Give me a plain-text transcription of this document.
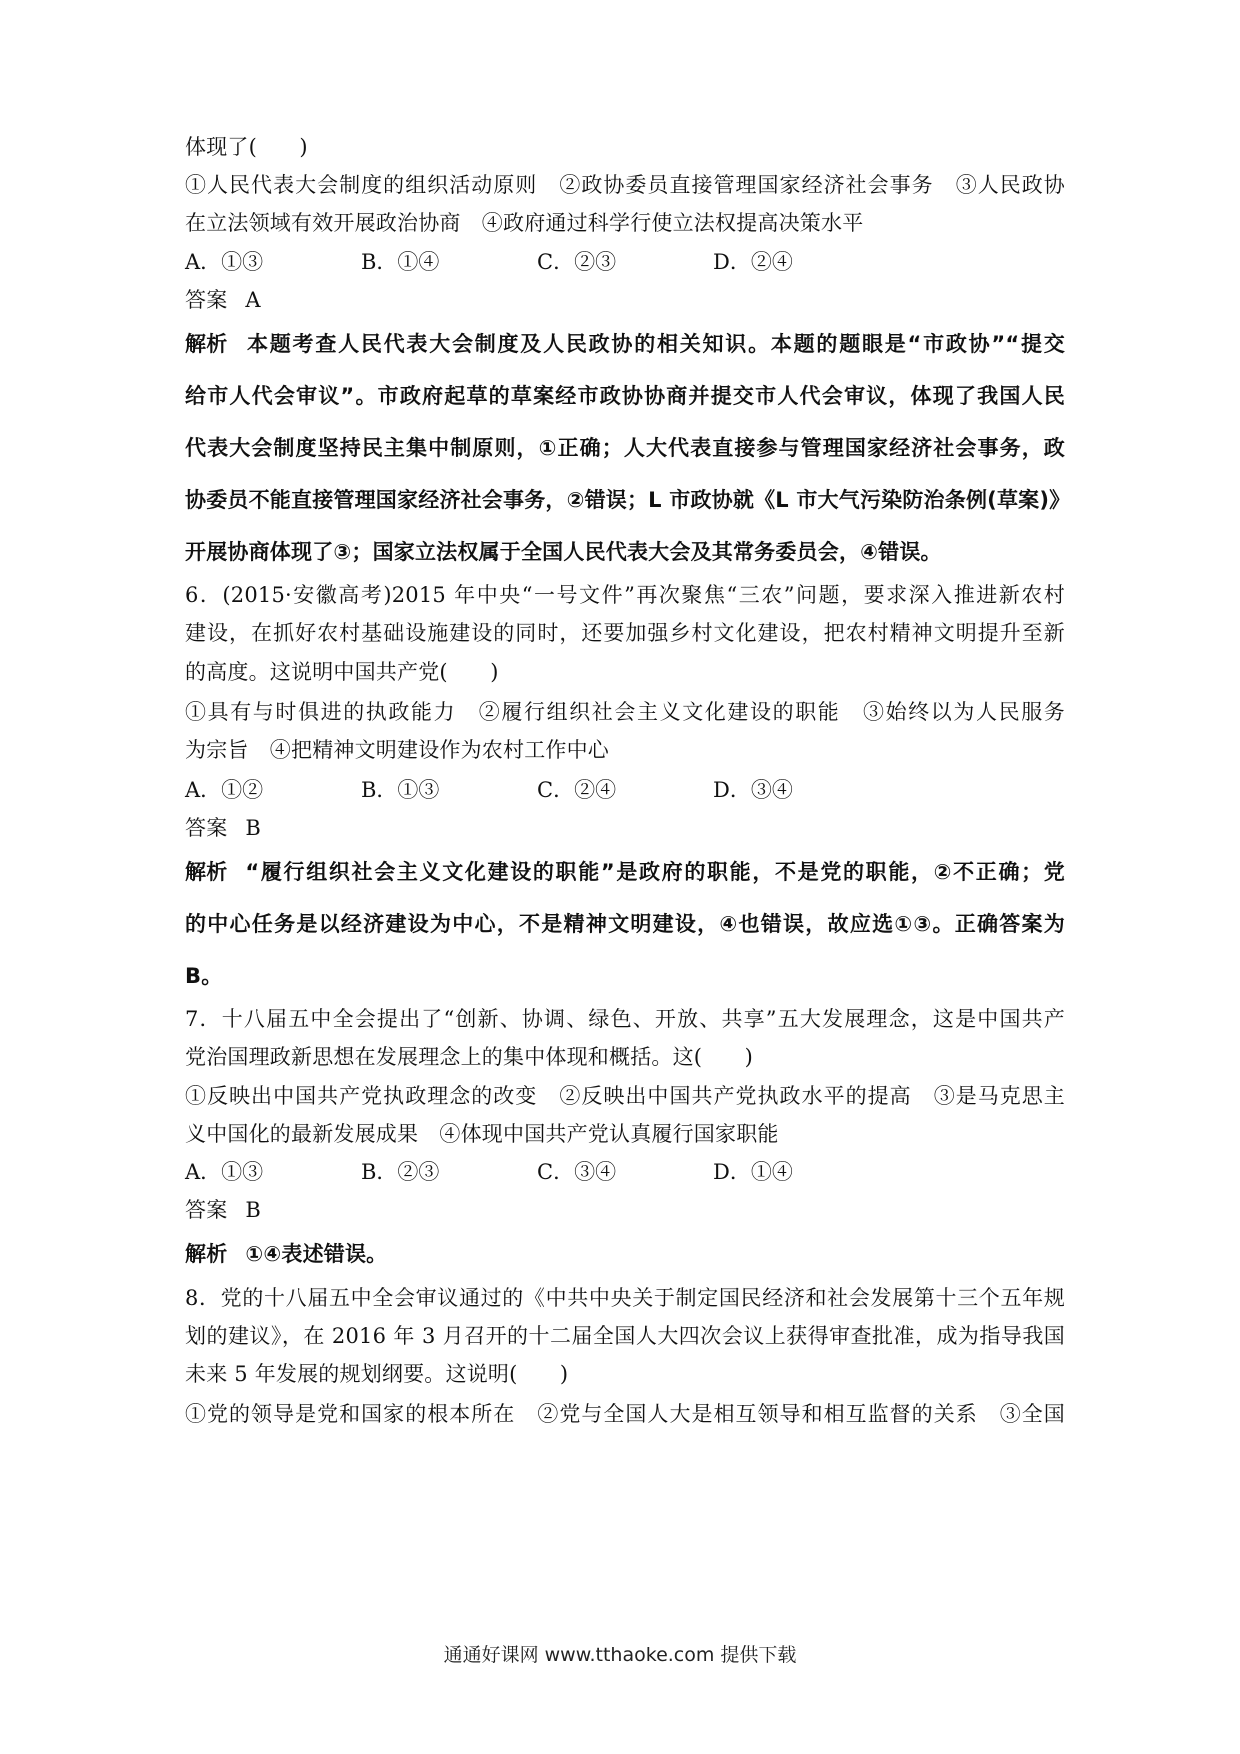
体现了(　　)
①人民代表大会制度的组织活动原则　②政协委员直接管理国家经济社会事务　③人民政协
在立法领域有效开展政治协商　④政府通过科学行使立法权提高决策水平
A．①③	B．①④	C．②③	D．②④
答案 A
解析 本题考查人民代表大会制度及人民政协的相关知识。本题的题眼是“市政协”“提交
给市人代会审议”。市政府起草的草案经市政协协商并提交市人代会审议，体现了我国人民
代表大会制度坚持民主集中制原则，①正确；人大代表直接参与管理国家经济社会事务，政
协委员不能直接管理国家经济社会事务，②错误；L 市政协就《L 市大气污染防治条例(草案)》
开展协商体现了③；国家立法权属于全国人民代表大会及其常务委员会，④错误。
6．(2015·安徽高考)2015 年中央“一号文件”再次聚焦“三农”问题，要求深入推进新农村
建设，在抓好农村基础设施建设的同时，还要加强乡村文化建设，把农村精神文明提升至新
的高度。这说明中国共产党(　　)
①具有与时俱进的执政能力　②履行组织社会主义文化建设的职能　③始终以为人民服务
为宗旨　④把精神文明建设作为农村工作中心
A．①②	B．①③	C．②④	D．③④
答案 B
解析 “履行组织社会主义文化建设的职能”是政府的职能，不是党的职能，②不正确；党
的中心任务是以经济建设为中心，不是精神文明建设，④也错误，故应选①③。正确答案为
B。
7．十八届五中全会提出了“创新、协调、绿色、开放、共享”五大发展理念，这是中国共产
党治国理政新思想在发展理念上的集中体现和概括。这(　　)
①反映出中国共产党执政理念的改变　②反映出中国共产党执政水平的提高　③是马克思主
义中国化的最新发展成果　④体现中国共产党认真履行国家职能
A．①③	B．②③	C．③④	D．①④
答案 B
解析 ①④表述错误。
8．党的十八届五中全会审议通过的《中共中央关于制定国民经济和社会发展第十三个五年规
划的建议》，在 2016 年 3 月召开的十二届全国人大四次会议上获得审查批准，成为指导我国
未来 5 年发展的规划纲要。这说明(　　)
①党的领导是党和国家的根本所在　②党与全国人大是相互领导和相互监督的关系　③全国
通通好课网 www.tthaoke.com 提供下载
